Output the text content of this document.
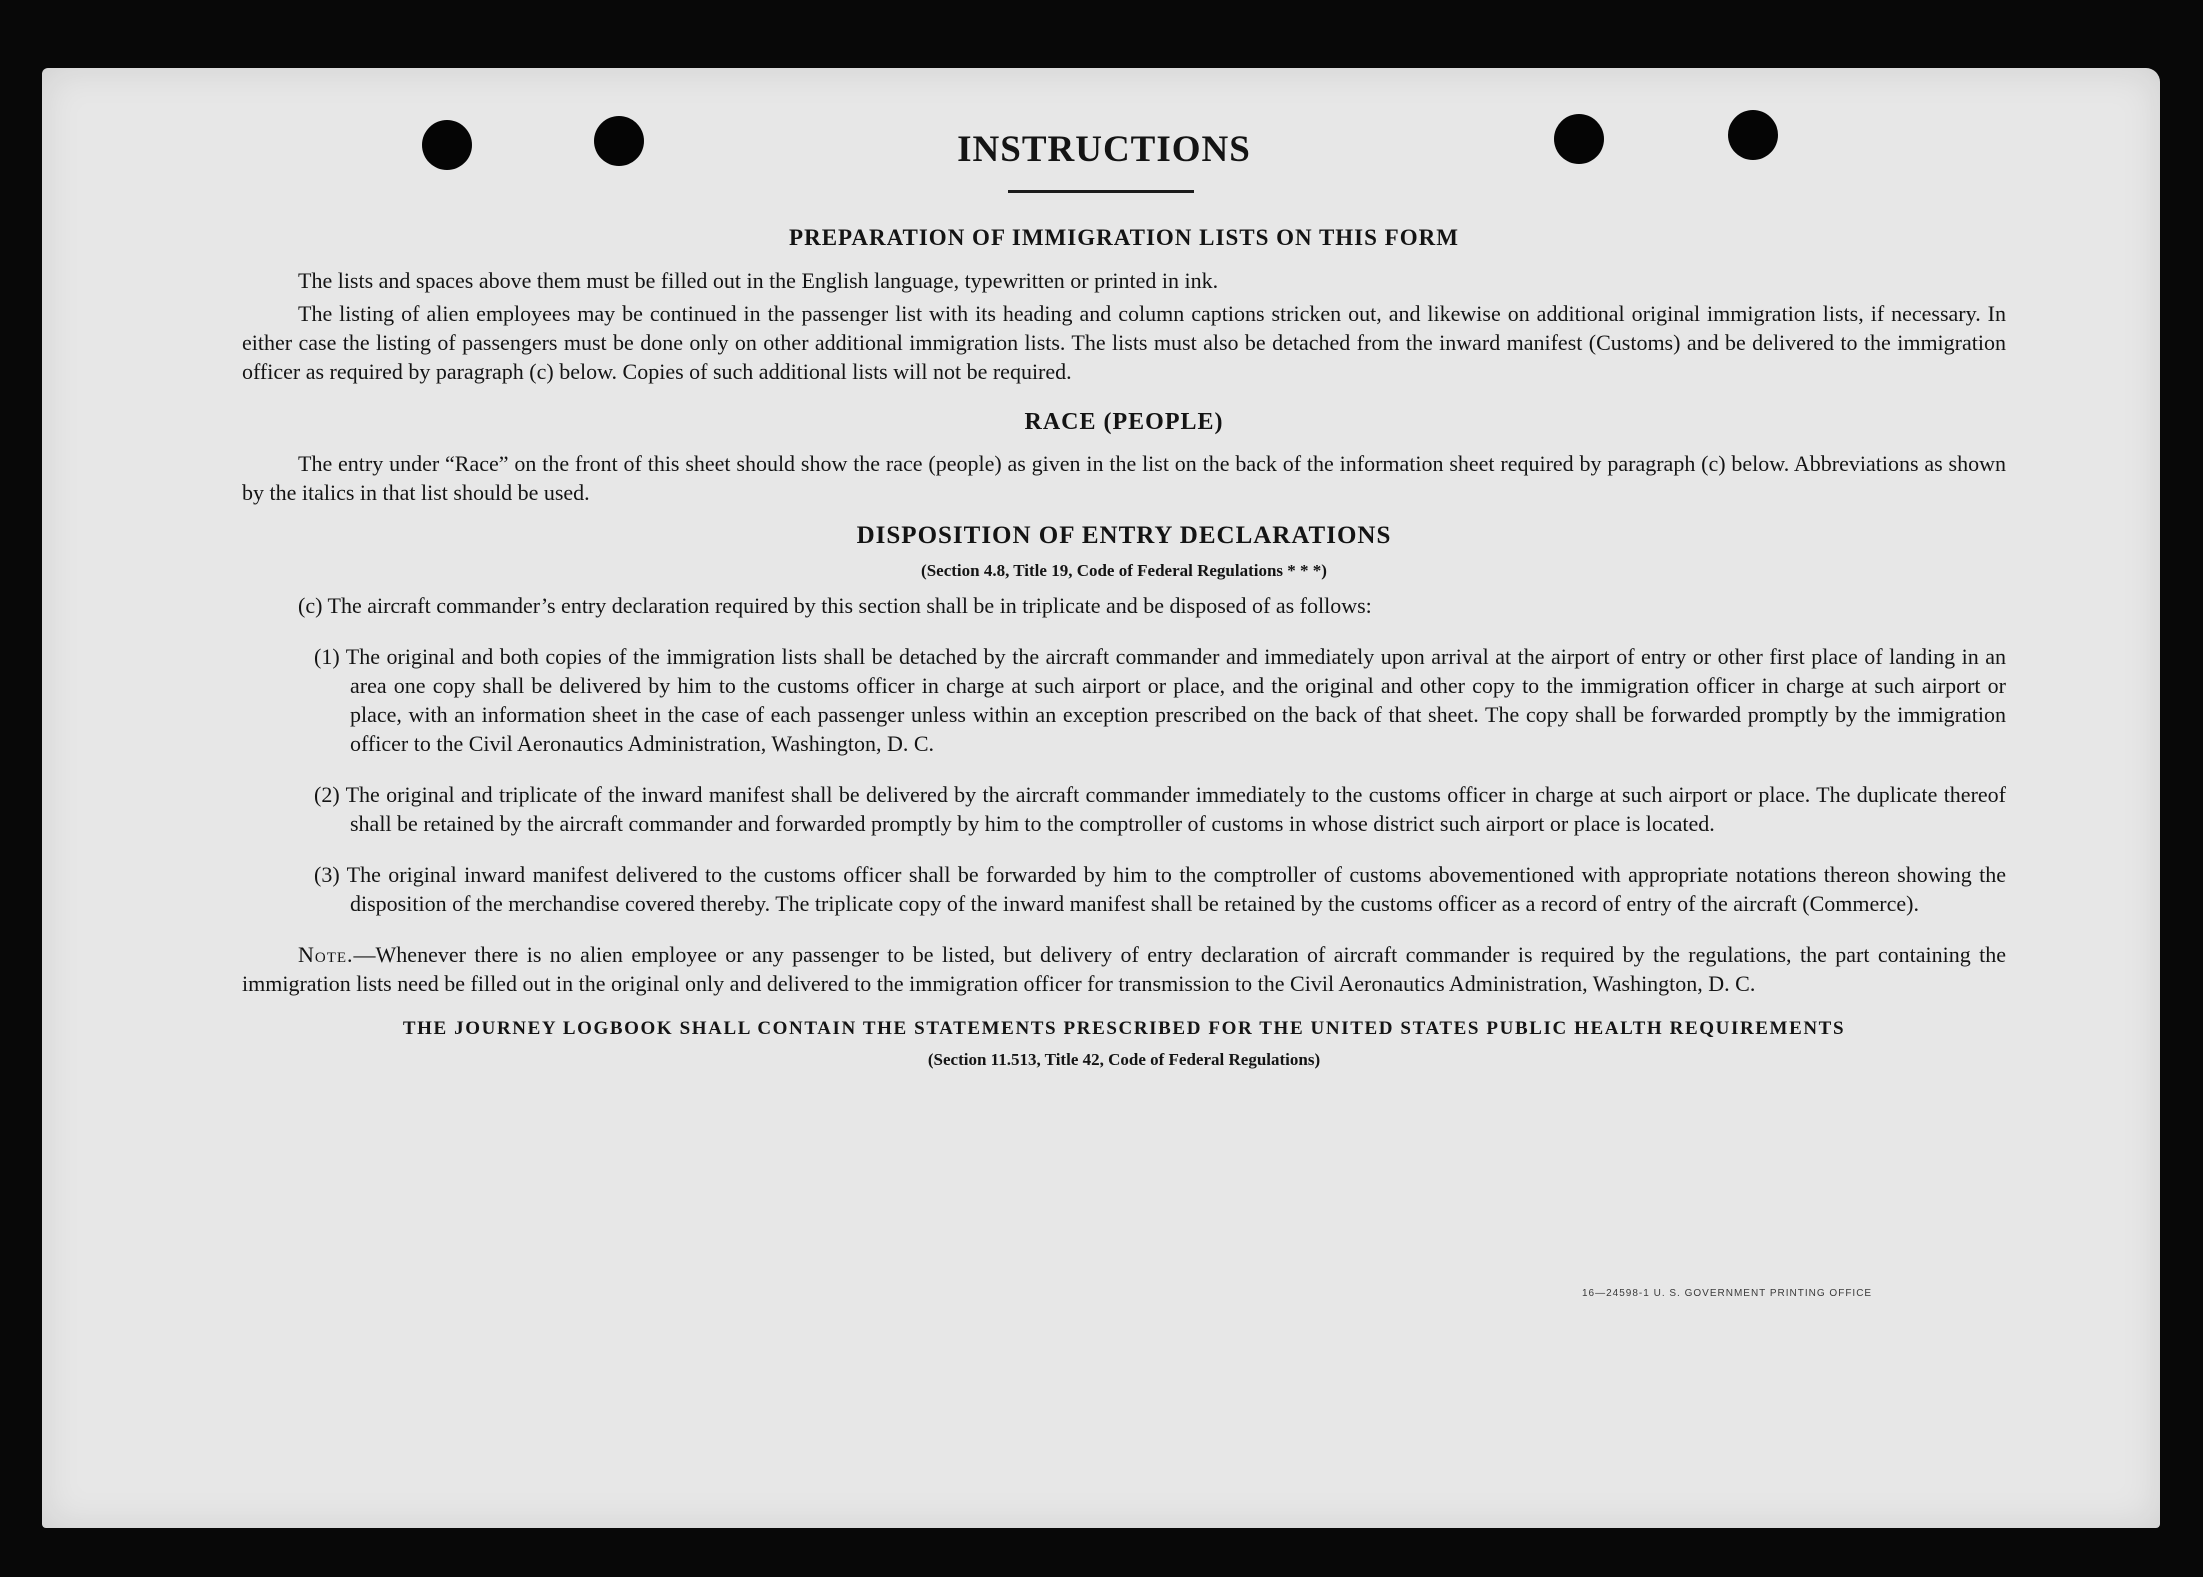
INSTRUCTIONS

PREPARATION OF IMMIGRATION LISTS ON THIS FORM

The lists and spaces above them must be filled out in the English language, typewritten or printed in ink.

The listing of alien employees may be continued in the passenger list with its heading and column captions stricken out, and likewise on additional original immigration lists, if necessary. In either case the listing of passengers must be done only on other additional immigration lists. The lists must also be detached from the inward manifest (Customs) and be delivered to the immigration officer as required by paragraph (c) below. Copies of such additional lists will not be required.

RACE (PEOPLE)

The entry under “Race” on the front of this sheet should show the race (people) as given in the list on the back of the information sheet required by paragraph (c) below. Abbreviations as shown by the italics in that list should be used.

DISPOSITION OF ENTRY DECLARATIONS

(Section 4.8, Title 19, Code of Federal Regulations * * *)

(c) The aircraft commander’s entry declaration required by this section shall be in triplicate and be disposed of as follows:

(1) The original and both copies of the immigration lists shall be detached by the aircraft commander and immediately upon arrival at the airport of entry or other first place of landing in an area one copy shall be delivered by him to the customs officer in charge at such airport or place, and the original and other copy to the immigration officer in charge at such airport or place, with an information sheet in the case of each passenger unless within an exception prescribed on the back of that sheet. The copy shall be forwarded promptly by the immigration officer to the Civil Aeronautics Administration, Washington, D. C.

(2) The original and triplicate of the inward manifest shall be delivered by the aircraft commander immediately to the customs officer in charge at such airport or place. The duplicate thereof shall be retained by the aircraft commander and forwarded promptly by him to the comptroller of customs in whose district such airport or place is located.

(3) The original inward manifest delivered to the customs officer shall be forwarded by him to the comptroller of customs abovementioned with appropriate notations thereon showing the disposition of the merchandise covered thereby. The triplicate copy of the inward manifest shall be retained by the customs officer as a record of entry of the aircraft (Commerce).

Note.—Whenever there is no alien employee or any passenger to be listed, but delivery of entry declaration of aircraft commander is required by the regulations, the part containing the immigration lists need be filled out in the original only and delivered to the immigration officer for transmission to the Civil Aeronautics Administration, Washington, D. C.

THE JOURNEY LOGBOOK SHALL CONTAIN THE STATEMENTS PRESCRIBED FOR THE UNITED STATES PUBLIC HEALTH REQUIREMENTS

(Section 11.513, Title 42, Code of Federal Regulations)

16—24598-1 U. S. GOVERNMENT PRINTING OFFICE
